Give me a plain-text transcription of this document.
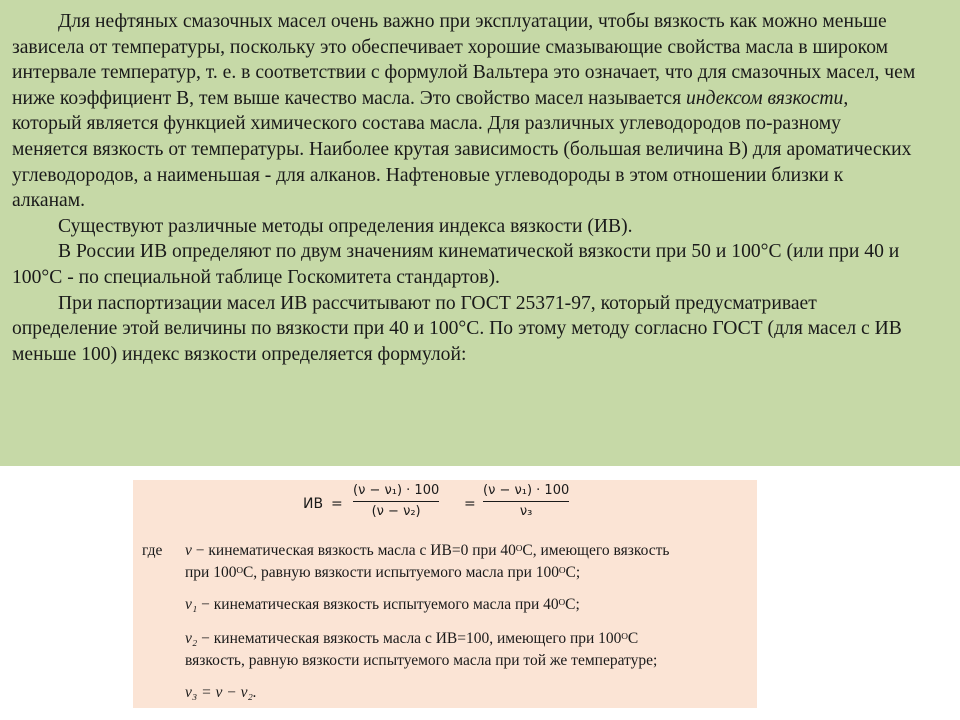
Для нефтяных смазочных масел очень важно при эксплуатации, чтобы вязкость как можно меньше зависела от температуры, поскольку это обеспечивает хорошие смазывающие свойства масла в широком интервале температур, т. е. в соответствии с формулой Вальтера это означает, что для смазочных масел, чем ниже коэффициент В, тем выше качество масла. Это свойство масел называется индексом вязкости, который является функцией химического состава масла. Для различных углеводородов по-разному меняется вязкость от температуры. Наиболее крутая зависимость (большая величина В) для ароматических углеводородов, а наименьшая - для алканов. Нафтеновые углеводороды в этом отношении близки к алканам.

Существуют различные методы определения индекса вязкости (ИВ).

В России ИВ определяют по двум значениям кинематической вязкости при 50 и 100°С (или при 40 и 100°С - по специальной таблице Госкомитета стандартов).

При паспортизации масел ИВ рассчитывают по ГОСТ 25371-97, который предусматривает определение этой величины по вязкости при 40 и 100°С. По этому методу согласно ГОСТ (для масел с ИВ меньше 100) индекс вязкости определяется формулой:

ИВ =
(ν − ν₁) · 100
(ν − ν₂)	=
(ν − ν₁) · 100
ν₃
где ν − кинематическая вязкость масла с ИВ=0 при 40ᴼС, имеющего вязкость
при 100ᴼС, равную вязкости испытуемого масла при 100ᴼС;
ν₁ − кинематическая вязкость испытуемого масла при 40ᴼС;
ν₂ − кинематическая вязкость масла с ИВ=100, имеющего при 100ᴼС
вязкость, равную вязкости испытуемого масла при той же температуре;
ν₃ = ν − ν₂.
